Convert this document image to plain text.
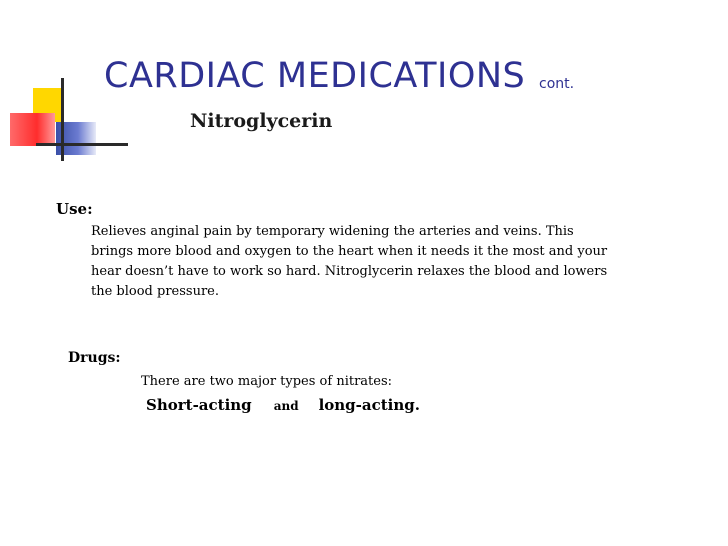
CARDIAC MEDICATIONS cont.
Nitroglycerin
Use:
Relieves anginal pain by temporary widening the arteries and veins. This brings more blood and oxygen to the heart when it needs it the most and your hear doesn’t have to work so hard. Nitroglycerin relaxes the blood and lowers the blood pressure.
Drugs:
There are two major types of nitrates:
Short-acting and long-acting.
